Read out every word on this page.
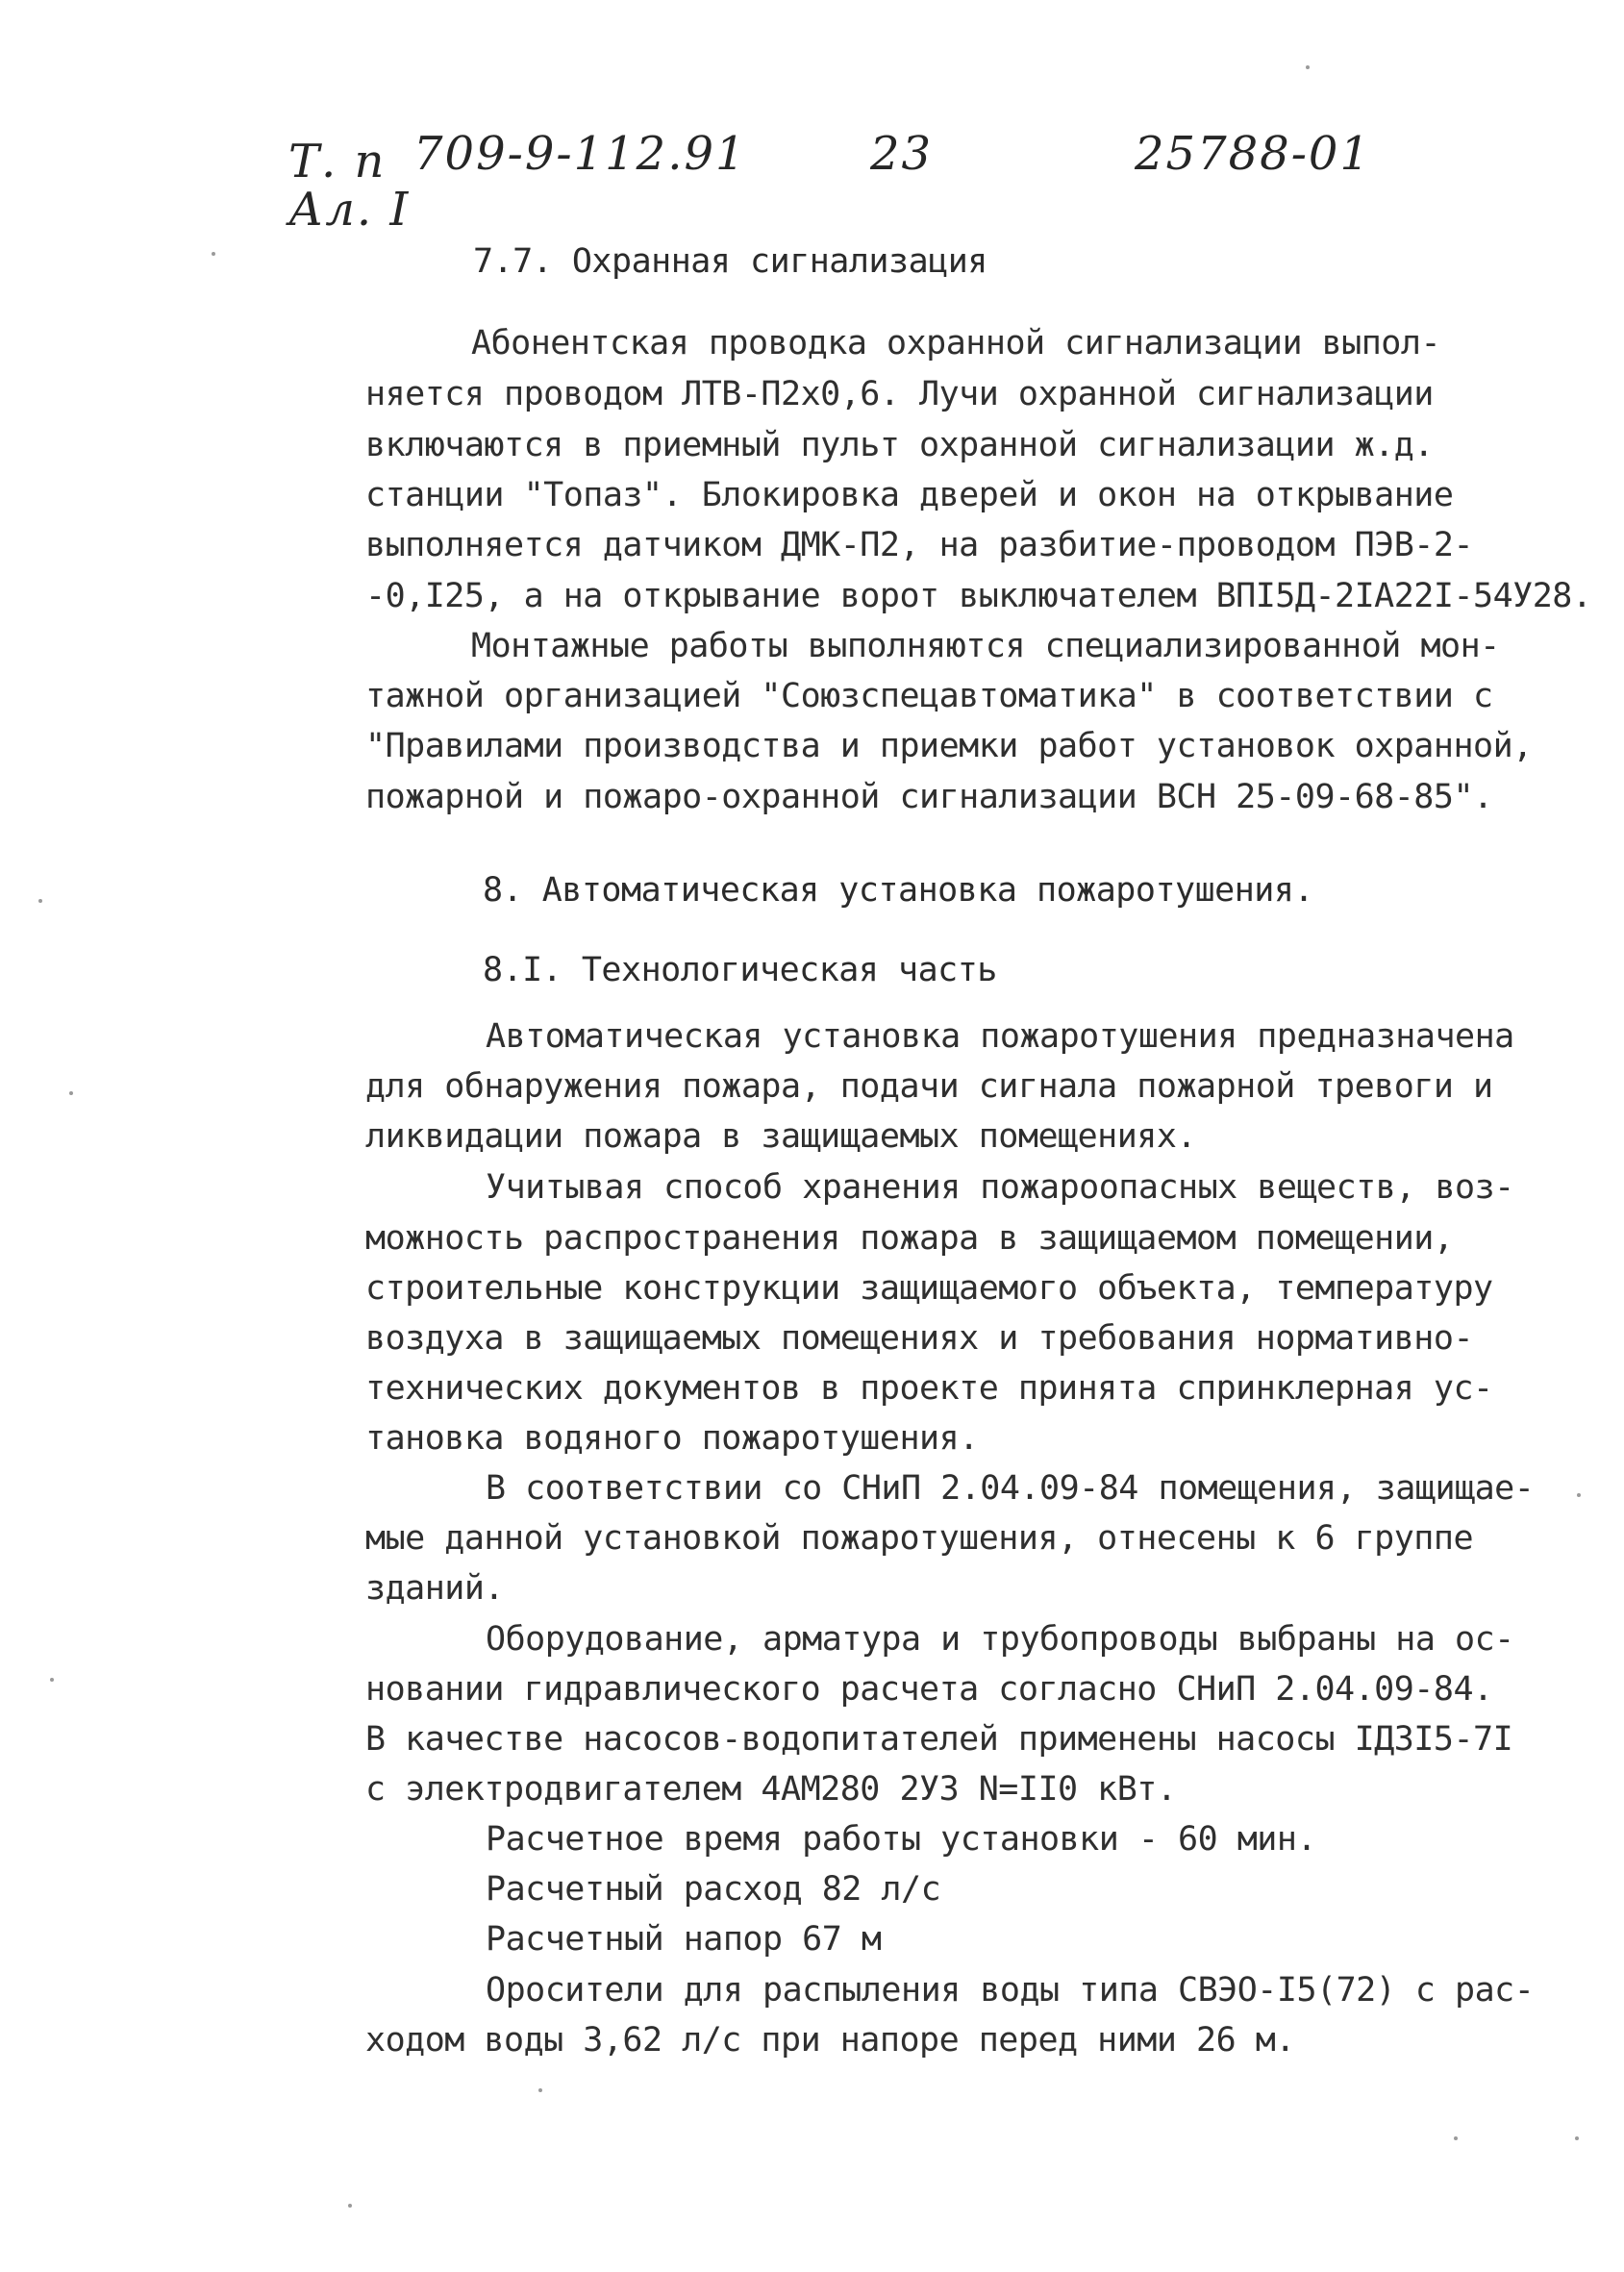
Т. п 709-9-112.91	23	25788-01
Ал. I
7.7. Охранная сигнализация
Абонентская проводка охранной сигнализации выпол-
няется проводом ЛТВ-П2х0,6. Лучи охранной сигнализации
включаются в приемный пульт охранной сигнализации ж.д.
станции "Топаз". Блокировка дверей и окон на открывание
выполняется датчиком ДМК-П2, на разбитие-проводом ПЭВ-2-
-0,I25, а на открывание ворот выключателем ВПI5Д-2IA22I-54У28.
Монтажные работы выполняются специализированной мон-
тажной организацией "Союзспецавтоматика" в соответствии с
"Правилами производства и приемки работ установок охранной,
пожарной и пожаро-охранной сигнализации ВСН 25-09-68-85".
8. Автоматическая установка пожаротушения.
8.I. Технологическая часть
Автоматическая установка пожаротушения предназначена
для обнаружения пожара, подачи сигнала пожарной тревоги и
ликвидации пожара в защищаемых помещениях.
Учитывая способ хранения пожароопасных веществ, воз-
можность распространения пожара в защищаемом помещении,
строительные конструкции защищаемого объекта, температуру
воздуха в защищаемых помещениях и требования нормативно-
технических документов в проекте принята спринклерная ус-
тановка водяного пожаротушения.
В соответствии со СНиП 2.04.09-84 помещения, защищае-
мые данной установкой пожаротушения, отнесены к 6 группе
зданий.
Оборудование, арматура и трубопроводы выбраны на ос-
новании гидравлического расчета согласно СНиП 2.04.09-84.
В качестве насосов-водопитателей применены насосы IД3I5-7I
с электродвигателем 4АМ280 2У3 N=II0 кВт.
Расчетное время работы установки - 60 мин.
Расчетный расход 82 л/с
Расчетный напор 67 м
Оросители для распыления воды типа СВЭО-I5(72) с рас-
ходом воды 3,62 л/с при напоре перед ними 26 м.
